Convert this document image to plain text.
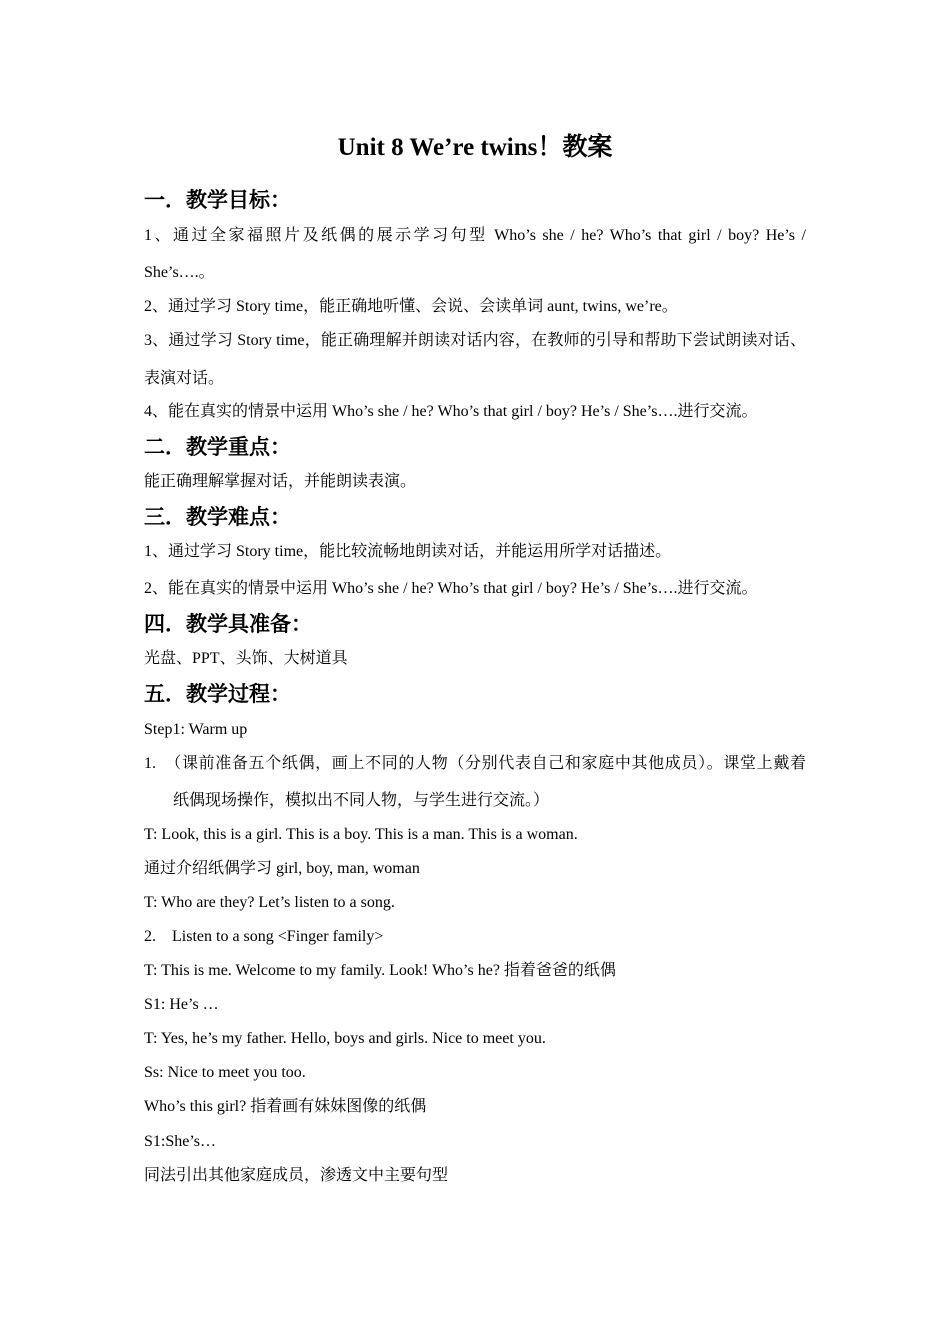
Unit 8 We’re twins！教案
一．教学目标：

1、通过全家福照片及纸偶的展示学习句型 Who’s she / he? Who’s that girl / boy? He’s /

She’s….。

2、通过学习 Story time，能正确地听懂、会说、会读单词 aunt, twins, we’re。

3、通过学习 Story time，能正确理解并朗读对话内容，在教师的引导和帮助下尝试朗读对话、

表演对话。

4、能在真实的情景中运用 Who’s she / he? Who’s that girl / boy? He’s / She’s….进行交流。

二．教学重点：

能正确理解掌握对话，并能朗读表演。

三．教学难点：

1、通过学习 Story time，能比较流畅地朗读对话，并能运用所学对话描述。

2、能在真实的情景中运用 Who’s she / he? Who’s that girl / boy? He’s / She’s….进行交流。

四．教学具准备：

光盘、PPT、头饰、大树道具

五．教学过程：

Step1: Warm up

1.　（课前准备五个纸偶，画上不同的人物（分别代表自己和家庭中其他成员）。课堂上戴着

纸偶现场操作，模拟出不同人物，与学生进行交流。）

T: Look, this is a girl. This is a boy. This is a man. This is a woman.

通过介绍纸偶学习 girl, boy, man, woman

T: Who are they? Let’s listen to a song.

2.　Listen to a song <Finger family>

T: This is me. Welcome to my family. Look! Who’s he? 指着爸爸的纸偶

S1: He’s …

T: Yes, he’s my father. Hello, boys and girls. Nice to meet you.

Ss: Nice to meet you too.

Who’s this girl? 指着画有妹妹图像的纸偶

S1:She’s…

同法引出其他家庭成员，渗透文中主要句型
